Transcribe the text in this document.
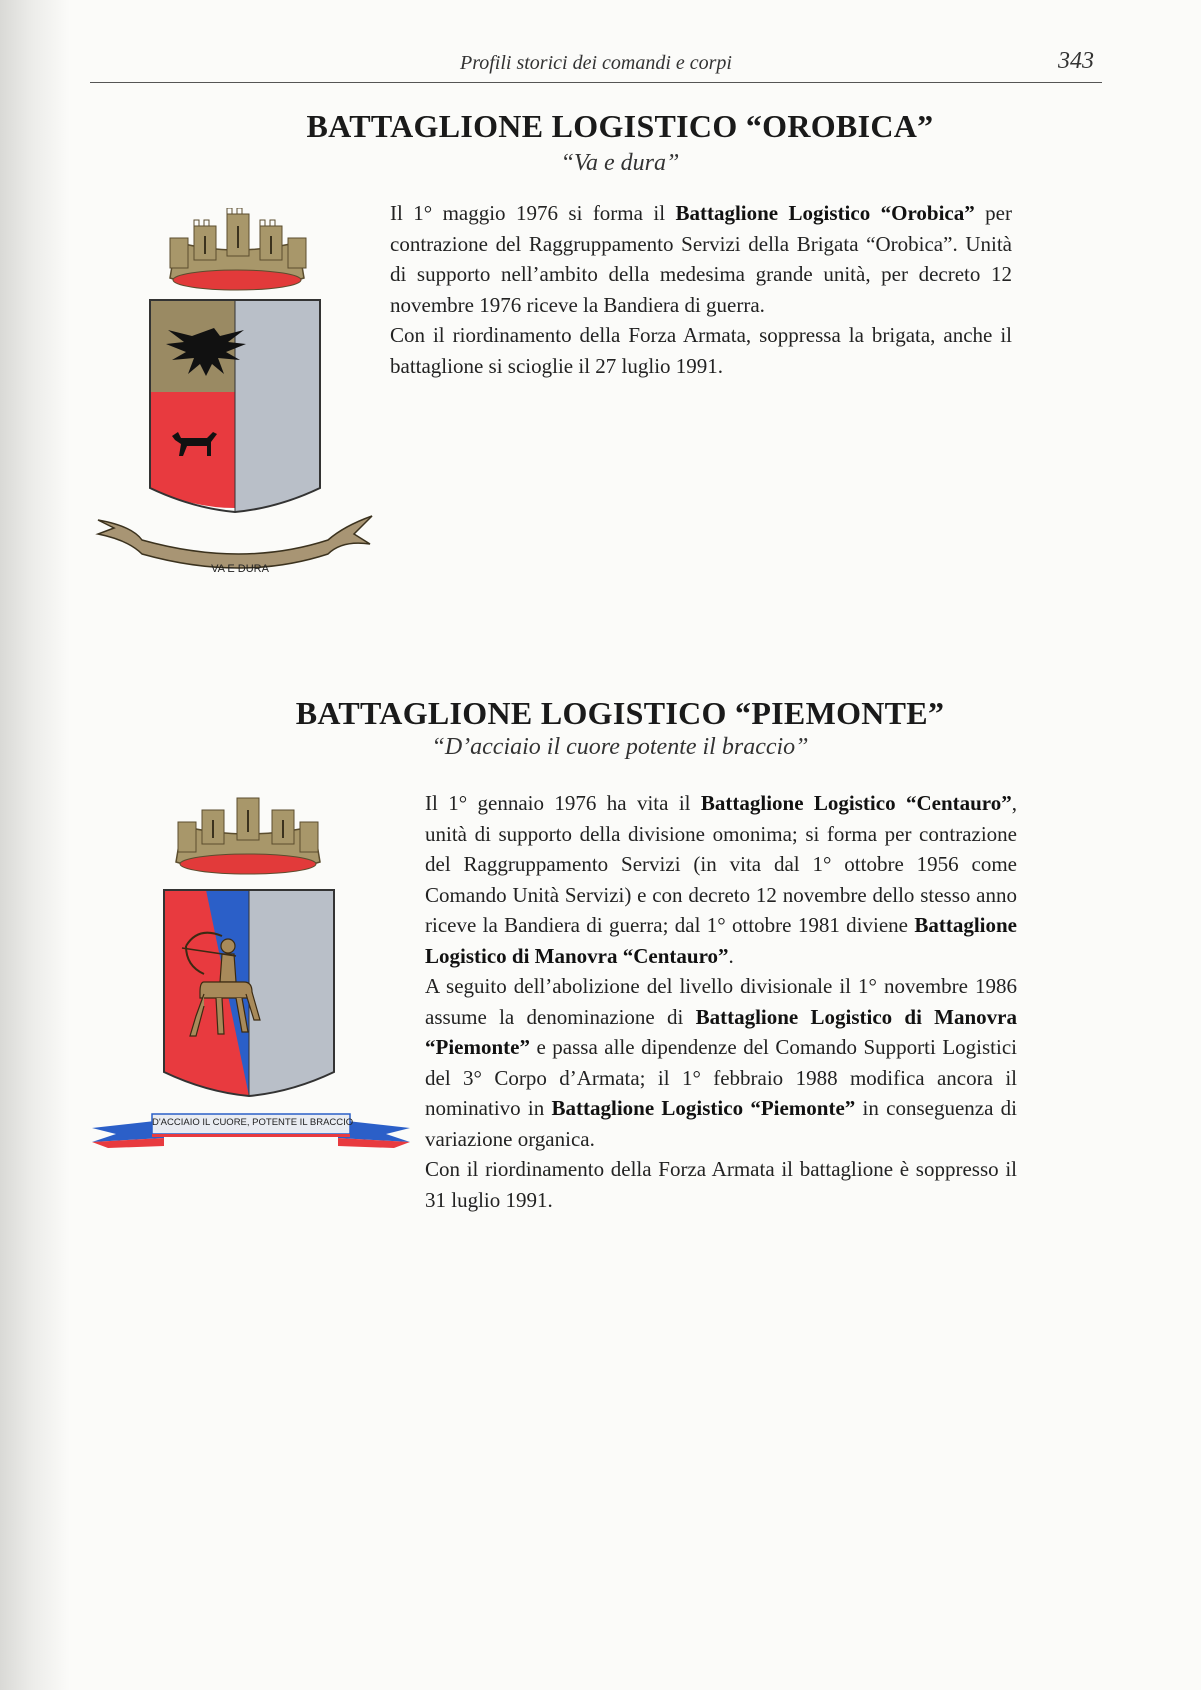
Profili storici dei comandi e corpi	343
BATTAGLIONE LOGISTICO “OROBICA”
“Va e dura”
VA E DURA

Il 1° maggio 1976 si forma il Battaglione Logistico “Orobica” per contrazione del Raggruppamento Servizi della Brigata “Orobica”. Unità di supporto nell’ambito della medesima grande unità, per decreto 12 novembre 1976 riceve la Bandiera di guerra.

Con il riordinamento della Forza Armata, soppressa la brigata, anche il battaglione si scioglie il 27 luglio 1991.

BATTAGLIONE LOGISTICO “PIEMONTE”
“D’acciaio il cuore potente il braccio”
D'ACCIAIO IL CUORE, POTENTE IL BRACCIO

Il 1° gennaio 1976 ha vita il Battaglione Logistico “Centauro”, unità di supporto della divisione omonima; si forma per contrazione del Raggruppamento Servizi (in vita dal 1° ottobre 1956 come Comando Unità Servizi) e con decreto 12 novembre dello stesso anno riceve la Bandiera di guerra; dal 1° ottobre 1981 diviene Battaglione Logistico di Manovra “Centauro”.

A seguito dell’abolizione del livello divisionale il 1° novembre 1986 assume la denominazione di Battaglione Logistico di Manovra “Piemonte” e passa alle dipendenze del Comando Supporti Logistici del 3° Corpo d’Armata; il 1° febbraio 1988 modifica ancora il nominativo in Battaglione Logistico “Piemonte” in conseguenza di variazione organica.

Con il riordinamento della Forza Armata il battaglione è soppresso il 31 luglio 1991.
